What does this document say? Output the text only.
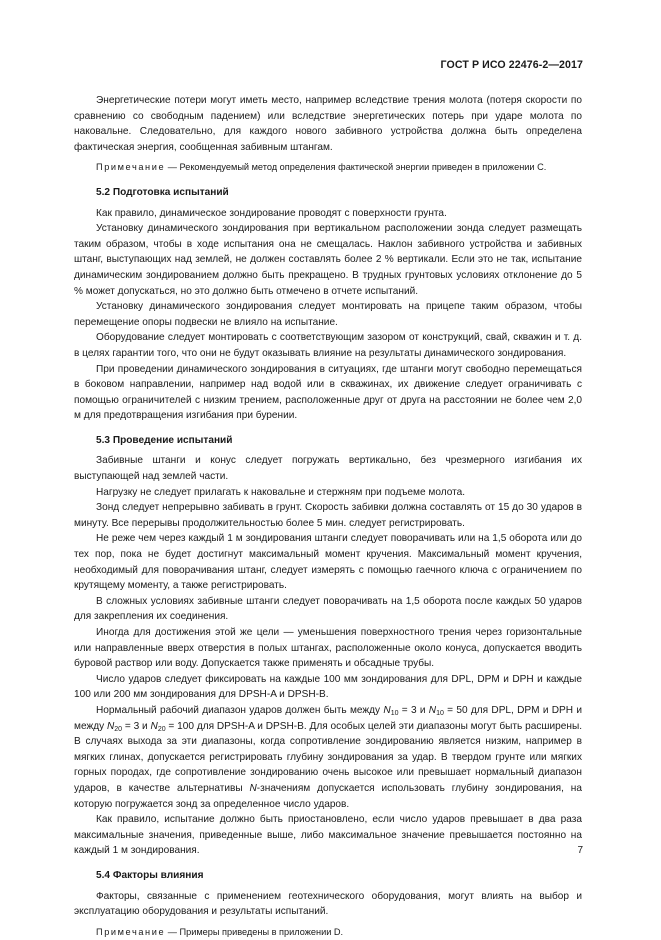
ГОСТ Р ИСО 22476-2—2017

Энергетические потери могут иметь место, например вследствие трения молота (потеря скорости по сравнению со свободным падением) или вследствие энергетических потерь при ударе молота по наковальне. Следовательно, для каждого нового забивного устройства должна быть определена фактическая энергия, сообщенная забивным штангам.

Примечание — Рекомендуемый метод определения фактической энергии приведен в приложении С.

5.2 Подготовка испытаний

Как правило, динамическое зондирование проводят с поверхности грунта.

Установку динамического зондирования при вертикальном расположении зонда следует размещать таким образом, чтобы в ходе испытания она не смещалась. Наклон забивного устройства и забивных штанг, выступающих над землей, не должен составлять более 2 % вертикали. Если это не так, испытание динамическим зондированием должно быть прекращено. В трудных грунтовых условиях отклонение до 5 % может допускаться, но это должно быть отмечено в отчете испытаний.

Установку динамического зондирования следует монтировать на прицепе таким образом, чтобы перемещение опоры подвески не влияло на испытание.

Оборудование следует монтировать с соответствующим зазором от конструкций, свай, скважин и т. д. в целях гарантии того, что они не будут оказывать влияние на результаты динамического зондирования.

При проведении динамического зондирования в ситуациях, где штанги могут свободно перемещаться в боковом направлении, например над водой или в скважинах, их движение следует ограничивать с помощью ограничителей с низким трением, расположенные друг от друга на расстоянии не более чем 2,0 м для предотвращения изгибания при бурении.

5.3 Проведение испытаний

Забивные штанги и конус следует погружать вертикально, без чрезмерного изгибания их выступающей над землей части.

Нагрузку не следует прилагать к наковальне и стержням при подъеме молота.

Зонд следует непрерывно забивать в грунт. Скорость забивки должна составлять от 15 до 30 ударов в минуту. Все перерывы продолжительностью более 5 мин. следует регистрировать.

Не реже чем через каждый 1 м зондирования штанги следует поворачивать или на 1,5 оборота или до тех пор, пока не будет достигнут максимальный момент кручения. Максимальный момент кручения, необходимый для поворачивания штанг, следует измерять с помощью гаечного ключа с ограничением по крутящему моменту, а также регистрировать.

В сложных условиях забивные штанги следует поворачивать на 1,5 оборота после каждых 50 ударов для закрепления их соединения.

Иногда для достижения этой же цели — уменьшения поверхностного трения через горизонтальные или направленные вверх отверстия в полых штангах, расположенные около конуса, допускается вводить буровой раствор или воду. Допускается также применять и обсадные трубы.

Число ударов следует фиксировать на каждые 100 мм зондирования для DPL, DPM и DPH и каждые 100 или 200 мм зондирования для DPSH-A и DPSH-B.

Нормальный рабочий диапазон ударов должен быть между $N_{10} = 3$ и $N_{10} = 50$ для DPL, DPM и DPH и между $N_{20} = 3$ и $N_{20} = 100$ для DPSH-A и DPSH-B. Для особых целей эти диапазоны могут быть расширены. В случаях выхода за эти диапазоны, когда сопротивление зондированию является низким, например в мягких глинах, допускается регистрировать глубину зондирования за удар. В твердом грунте или мягких горных породах, где сопротивление зондированию очень высокое или превышает нормальный диапазон ударов, в качестве альтернативы N-значениям допускается использовать глубину зондирования, на которую погружается зонд за определенное число ударов.

Как правило, испытание должно быть приостановлено, если число ударов превышает в два раза максимальные значения, приведенные выше, либо максимальное значение превышается постоянно на каждый 1 м зондирования.

5.4 Факторы влияния

Факторы, связанные с применением геотехнического оборудования, могут влиять на выбор и эксплуатацию оборудования и результаты испытаний.

Примечание — Примеры приведены в приложении D.

7
